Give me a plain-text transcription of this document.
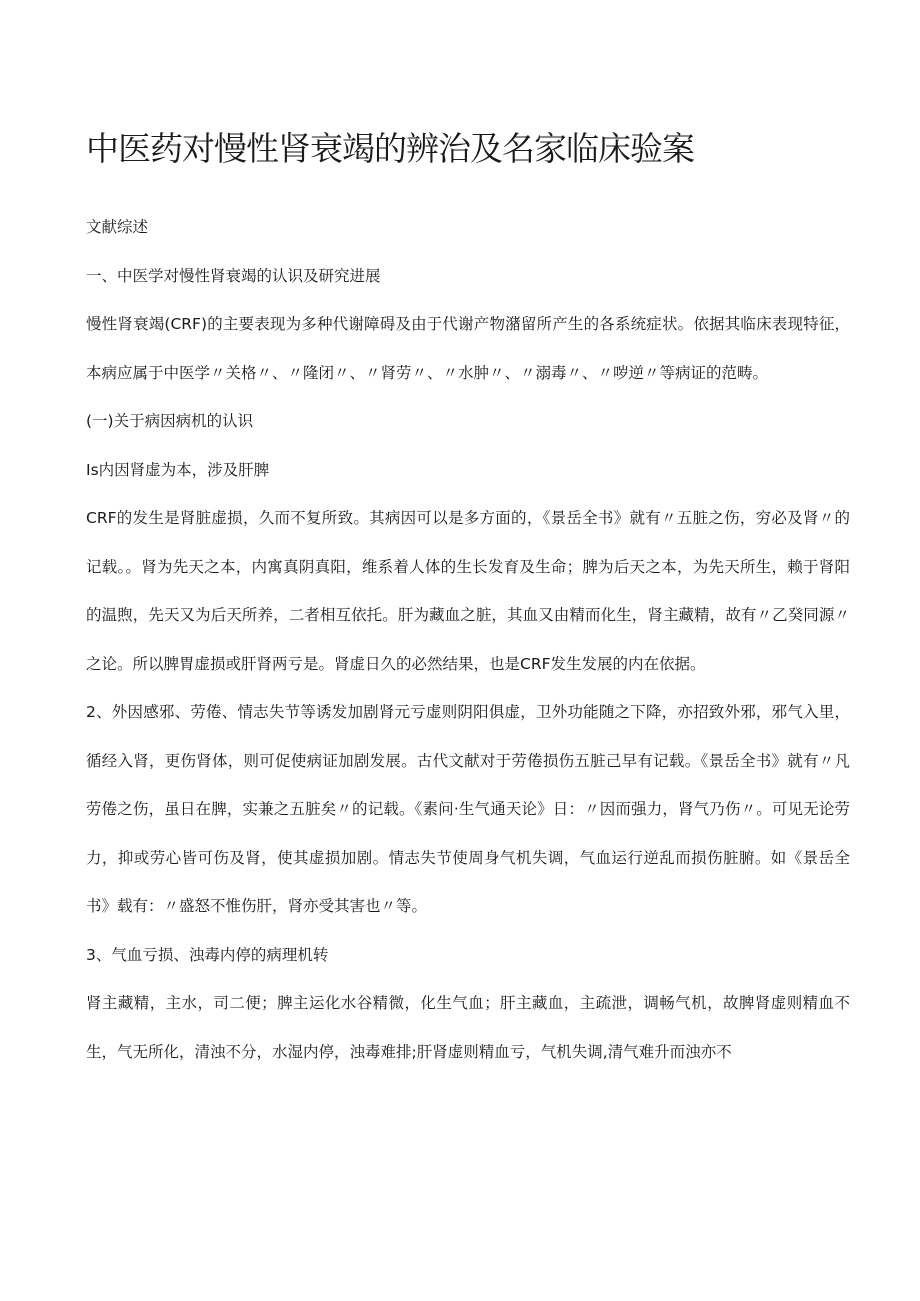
中医药对慢性肾衰竭的辨治及名家临床验案

文献综述

一、中医学对慢性肾衰竭的认识及研究进展

慢性肾衰竭(CRF)的主要表现为多种代谢障碍及由于代谢产物潴留所产生的各系统症状。依据其临床表现特征，本病应属于中医学〃关格〃、〃隆闭〃、〃肾劳〃、〃水肿〃、〃溺毒〃、〃哕逆〃等病证的范畴。

(一)关于病因病机的认识

Is内因肾虚为本，涉及肝脾

CRF的发生是肾脏虚损，久而不复所致。其病因可以是多方面的，《景岳全书》就有〃五脏之伤，穷必及肾〃的记载。。肾为先天之本，内寓真阴真阳，维系着人体的生长发育及生命；脾为后天之本，为先天所生，赖于肾阳的温煦，先天又为后天所养，二者相互依托。肝为藏血之脏，其血又由精而化生，肾主藏精，故有〃乙癸同源〃之论。所以脾胃虚损或肝肾两亏是。肾虚日久的必然结果，也是CRF发生发展的内在依据。

2、外因感邪、劳倦、情志失节等诱发加剧肾元亏虚则阴阳俱虚，卫外功能随之下降，亦招致外邪，邪气入里，循经入肾，更伤肾体，则可促使病证加剧发展。古代文献对于劳倦损伤五脏己早有记载。《景岳全书》就有〃凡劳倦之伤，虽日在脾，实兼之五脏矣〃的记载。《素问·生气通天论》日：〃因而强力，肾气乃伤〃。可见无论劳力，抑或劳心皆可伤及肾，使其虚损加剧。情志失节使周身气机失调，气血运行逆乱而损伤脏腑。如《景岳全书》载有：〃盛怒不惟伤肝，肾亦受其害也〃等。

3、气血亏损、浊毒内停的病理机转

肾主藏精，主水，司二便；脾主运化水谷精微，化生气血；肝主藏血，主疏泄，调畅气机，故脾肾虚则精血不生，气无所化，清浊不分，水湿内停，浊毒难排;肝肾虚则精血亏，气机失调,清气难升而浊亦不
